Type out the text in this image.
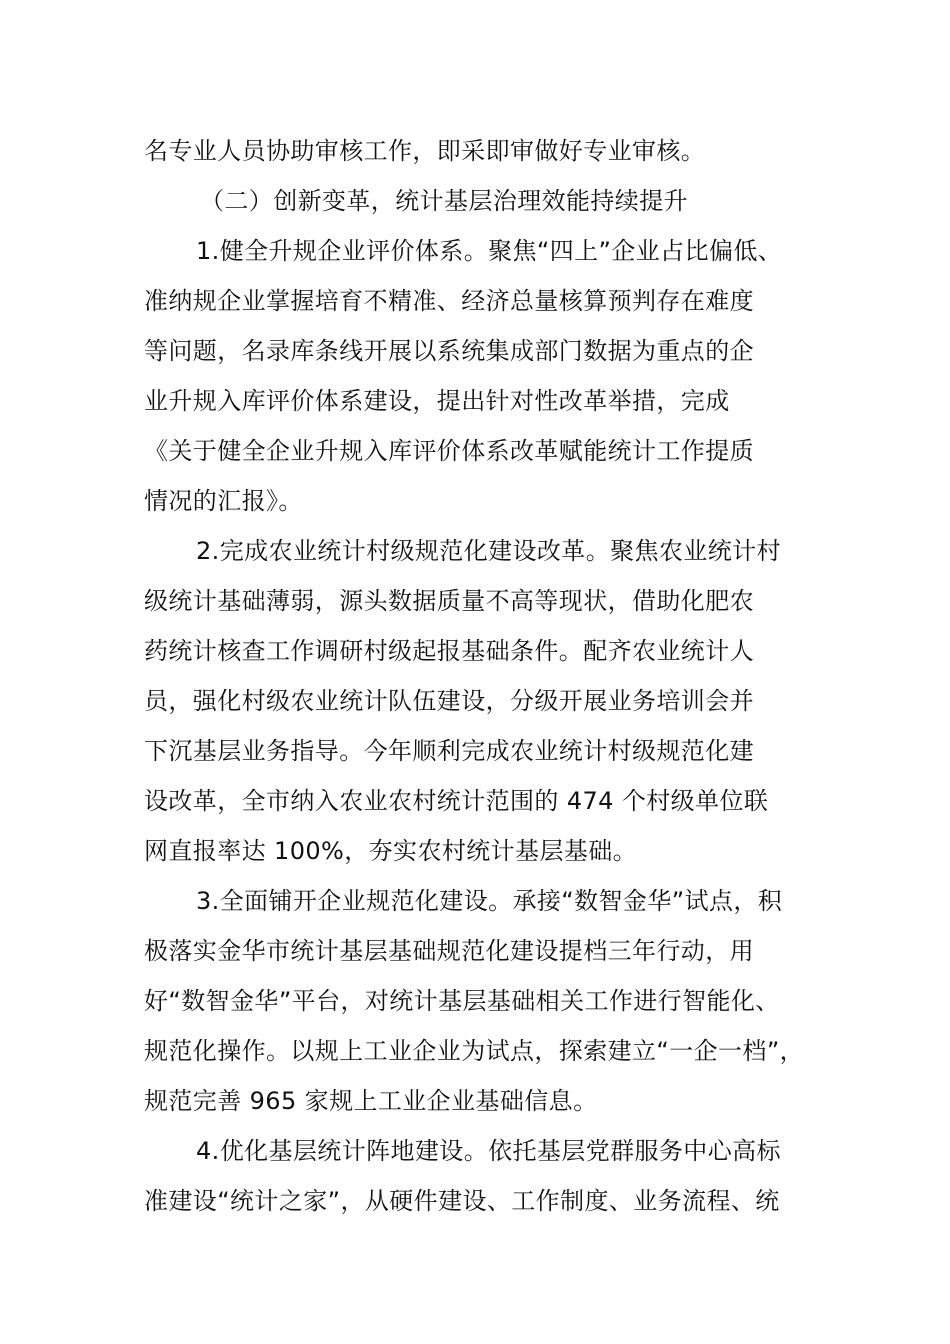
名专业人员协助审核工作，即采即审做好专业审核。
（二）创新变革，统计基层治理效能持续提升
1.健全升规企业评价体系。聚焦“四上”企业占比偏低、
准纳规企业掌握培育不精准、经济总量核算预判存在难度
等问题，名录库条线开展以系统集成部门数据为重点的企
业升规入库评价体系建设，提出针对性改革举措，完成
《关于健全企业升规入库评价体系改革赋能统计工作提质
情况的汇报》。
2.完成农业统计村级规范化建设改革。聚焦农业统计村
级统计基础薄弱，源头数据质量不高等现状，借助化肥农
药统计核查工作调研村级起报基础条件。配齐农业统计人
员，强化村级农业统计队伍建设，分级开展业务培训会并
下沉基层业务指导。今年顺利完成农业统计村级规范化建
设改革，全市纳入农业农村统计范围的 474 个村级单位联
网直报率达 100%，夯实农村统计基层基础。
3.全面铺开企业规范化建设。承接“数智金华”试点，积
极落实金华市统计基层基础规范化建设提档三年行动，用
好“数智金华”平台，对统计基层基础相关工作进行智能化、
规范化操作。以规上工业企业为试点，探索建立“一企一档”，
规范完善 965 家规上工业企业基础信息。
4.优化基层统计阵地建设。依托基层党群服务中心高标
准建设“统计之家”，从硬件建设、工作制度、业务流程、统
